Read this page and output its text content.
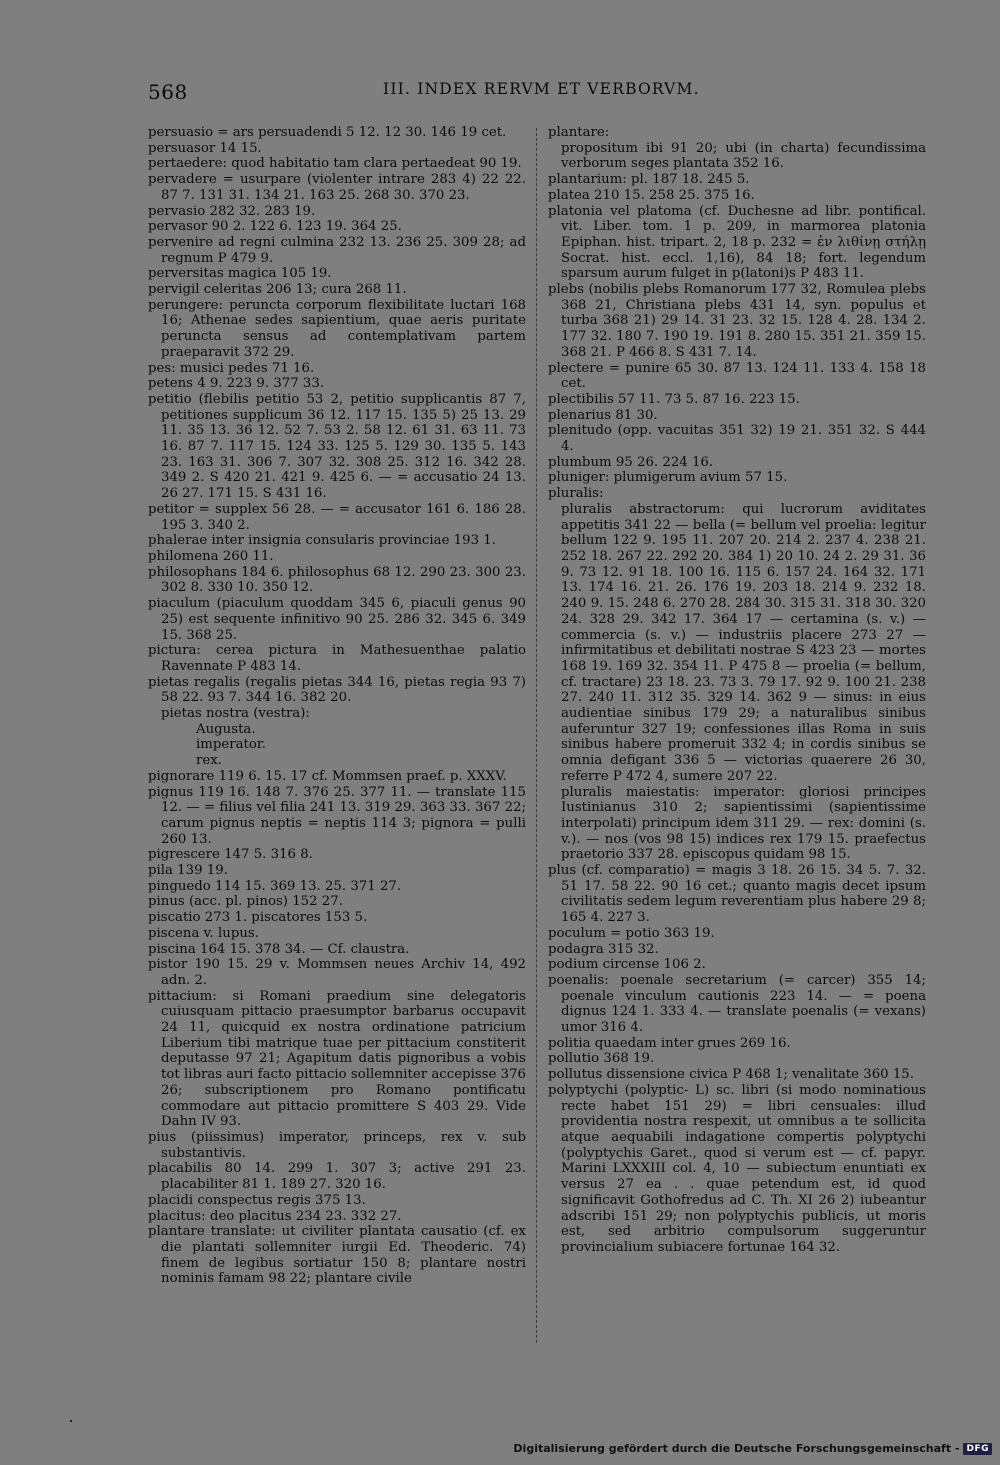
568	III. INDEX RERVM ET VERBORVM.

persuasio = ars persuadendi 5 12. 12 30. 146 19 cet.

persuasor 14 15.

pertaedere: quod habitatio tam clara pertaedeat 90 19.

pervadere = usurpare (violenter intrare 283 4) 22 22. 87 7. 131 31. 134 21. 163 25. 268 30. 370 23.

pervasio 282 32. 283 19.

pervasor 90 2. 122 6. 123 19. 364 25.

pervenire ad regni culmina 232 13. 236 25. 309 28; ad regnum P 479 9.

perversitas magica 105 19.

pervigil celeritas 206 13; cura 268 11.

perungere: peruncta corporum flexibilitate luctari 168 16; Athenae sedes sapientium, quae aeris puritate peruncta sensus ad contemplativam partem praeparavit 372 29.

pes: musici pedes 71 16.

petens 4 9. 223 9. 377 33.

petitio (flebilis petitio 53 2, petitio supplicantis 87 7, petitiones supplicum 36 12. 117 15. 135 5) 25 13. 29 11. 35 13. 36 12. 52 7. 53 2. 58 12. 61 31. 63 11. 73 16. 87 7. 117 15. 124 33. 125 5. 129 30. 135 5. 143 23. 163 31. 306 7. 307 32. 308 25. 312 16. 342 28. 349 2. S 420 21. 421 9. 425 6. — = accusatio 24 13. 26 27. 171 15. S 431 16.

petitor = supplex 56 28. — = accusator 161 6. 186 28. 195 3. 340 2.

phalerae inter insignia consularis provinciae 193 1.

philomena 260 11.

philosophans 184 6. philosophus 68 12. 290 23. 300 23. 302 8. 330 10. 350 12.

piaculum (piaculum quoddam 345 6, piaculi genus 90 25) est sequente infinitivo 90 25. 286 32. 345 6. 349 15. 368 25.

pictura: cerea pictura in Mathesuenthae palatio Ravennate P 483 14.

pietas regalis (regalis pietas 344 16, pietas regia 93 7) 58 22. 93 7. 344 16. 382 20.

pietas nostra (vestra):

Augusta.

imperator.

rex.

pignorare 119 6. 15. 17 cf. Mommsen praef. p. XXXV.

pignus 119 16. 148 7. 376 25. 377 11. — translate 115 12. — = filius vel filia 241 13. 319 29. 363 33. 367 22; carum pignus neptis = neptis 114 3; pignora = pulli 260 13.

pigrescere 147 5. 316 8.

pila 139 19.

pinguedo 114 15. 369 13. 25. 371 27.

pinus (acc. pl. pinos) 152 27.

piscatio 273 1. piscatores 153 5.

piscena v. lupus.

piscina 164 15. 378 34. — Cf. claustra.

pistor 190 15. 29 v. Mommsen neues Archiv 14, 492 adn. 2.

pittacium: si Romani praedium sine delegatoris cuiusquam pittacio praesumptor barbarus occupavit 24 11, quicquid ex nostra ordinatione patricium Liberium tibi matrique tuae per pittacium constiterit deputasse 97 21; Agapitum datis pignoribus a vobis tot libras auri facto pittacio sollemniter accepisse 376 26; subscriptionem pro Romano pontificatu commodare aut pittacio promittere S 403 29. Vide Dahn IV 93.

pius (piissimus) imperator, princeps, rex v. sub substantivis.

placabilis 80 14. 299 1. 307 3; active 291 23. placabiliter 81 1. 189 27. 320 16.

placidi conspectus regis 375 13.

placitus: deo placitus 234 23. 332 27.

plantare translate: ut civiliter plantata causatio (cf. ex die plantati sollemniter iurgii Ed. Theoderic. 74) finem de legibus sortiatur 150 8; plantare nostri nominis famam 98 22; plantare civile

plantare:

propositum ibi 91 20; ubi (in charta) fecundissima verborum seges plantata 352 16.

plantarium: pl. 187 18. 245 5.

platea 210 15. 258 25. 375 16.

platonia vel platoma (cf. Duchesne ad libr. pontifical. vit. Liber. tom. 1 p. 209, in marmorea platonia Epiphan. hist. tripart. 2, 18 p. 232 = ἐν λιθίνῃ στήλῃ Socrat. hist. eccl. 1,16), 84 18; fort. legendum sparsum aurum fulget in p(latoni)s P 483 11.

plebs (nobilis plebs Romanorum 177 32, Romulea plebs 368 21, Christiana plebs 431 14, syn. populus et turba 368 21) 29 14. 31 23. 32 15. 128 4. 28. 134 2. 177 32. 180 7. 190 19. 191 8. 280 15. 351 21. 359 15. 368 21. P 466 8. S 431 7. 14.

plectere = punire 65 30. 87 13. 124 11. 133 4. 158 18 cet.

plectibilis 57 11. 73 5. 87 16. 223 15.

plenarius 81 30.

plenitudo (opp. vacuitas 351 32) 19 21. 351 32. S 444 4.

plumbum 95 26. 224 16.

pluniger: plumigerum avium 57 15.

pluralis:

pluralis abstractorum: qui lucrorum aviditates appetitis 341 22 — bella (= bellum vel proelia: legitur bellum 122 9. 195 11. 207 20. 214 2. 237 4. 238 21. 252 18. 267 22. 292 20. 384 1) 20 10. 24 2. 29 31. 36 9. 73 12. 91 18. 100 16. 115 6. 157 24. 164 32. 171 13. 174 16. 21. 26. 176 19. 203 18. 214 9. 232 18. 240 9. 15. 248 6. 270 28. 284 30. 315 31. 318 30. 320 24. 328 29. 342 17. 364 17 — certamina (s. v.) — commercia (s. v.) — industriis placere 273 27 — infirmitatibus et debilitati nostrae S 423 23 — mortes 168 19. 169 32. 354 11. P 475 8 — proelia (= bellum, cf. tractare) 23 18. 23. 73 3. 79 17. 92 9. 100 21. 238 27. 240 11. 312 35. 329 14. 362 9 — sinus: in eius audientiae sinibus 179 29; a naturalibus sinibus auferuntur 327 19; confessiones illas Roma in suis sinibus habere promeruit 332 4; in cordis sinibus se omnia defigant 336 5 — victorias quaerere 26 30, referre P 472 4, sumere 207 22.

pluralis maiestatis: imperator: gloriosi principes Iustinianus 310 2; sapientissimi (sapientissime interpolati) principum idem 311 29. — rex: domini (s. v.). — nos (vos 98 15) indices rex 179 15. praefectus praetorio 337 28. episcopus quidam 98 15.

plus (cf. comparatio) = magis 3 18. 26 15. 34 5. 7. 32. 51 17. 58 22. 90 16 cet.; quanto magis decet ipsum civilitatis sedem legum reverentiam plus habere 29 8; 165 4. 227 3.

poculum = potio 363 19.

podagra 315 32.

podium circense 106 2.

poenalis: poenale secretarium (= carcer) 355 14; poenale vinculum cautionis 223 14. — = poena dignus 124 1. 333 4. — translate poenalis (= vexans) umor 316 4.

politia quaedam inter grues 269 16.

pollutio 368 19.

pollutus dissensione civica P 468 1; venalitate 360 15.

polyptychi (polyptic- L) sc. libri (si modo nominatious recte habet 151 29) = libri censuales: illud providentia nostra respexit, ut omnibus a te sollicita atque aequabili indagatione compertis polyptychi (polyptychis Garet., quod si verum est — cf. papyr. Marini LXXXIII col. 4, 10 — subiectum enuntiati ex versus 27 ea . . quae petendum est, id quod significavit Gothofredus ad C. Th. XI 26 2) iubeantur adscribi 151 29; non polyptychis publicis, ut moris est, sed arbitrio compulsorum suggeruntur provincialium subiacere fortunae 164 32.

Digitalisierung gefördert durch die Deutsche Forschungsgemeinschaft - DFG
